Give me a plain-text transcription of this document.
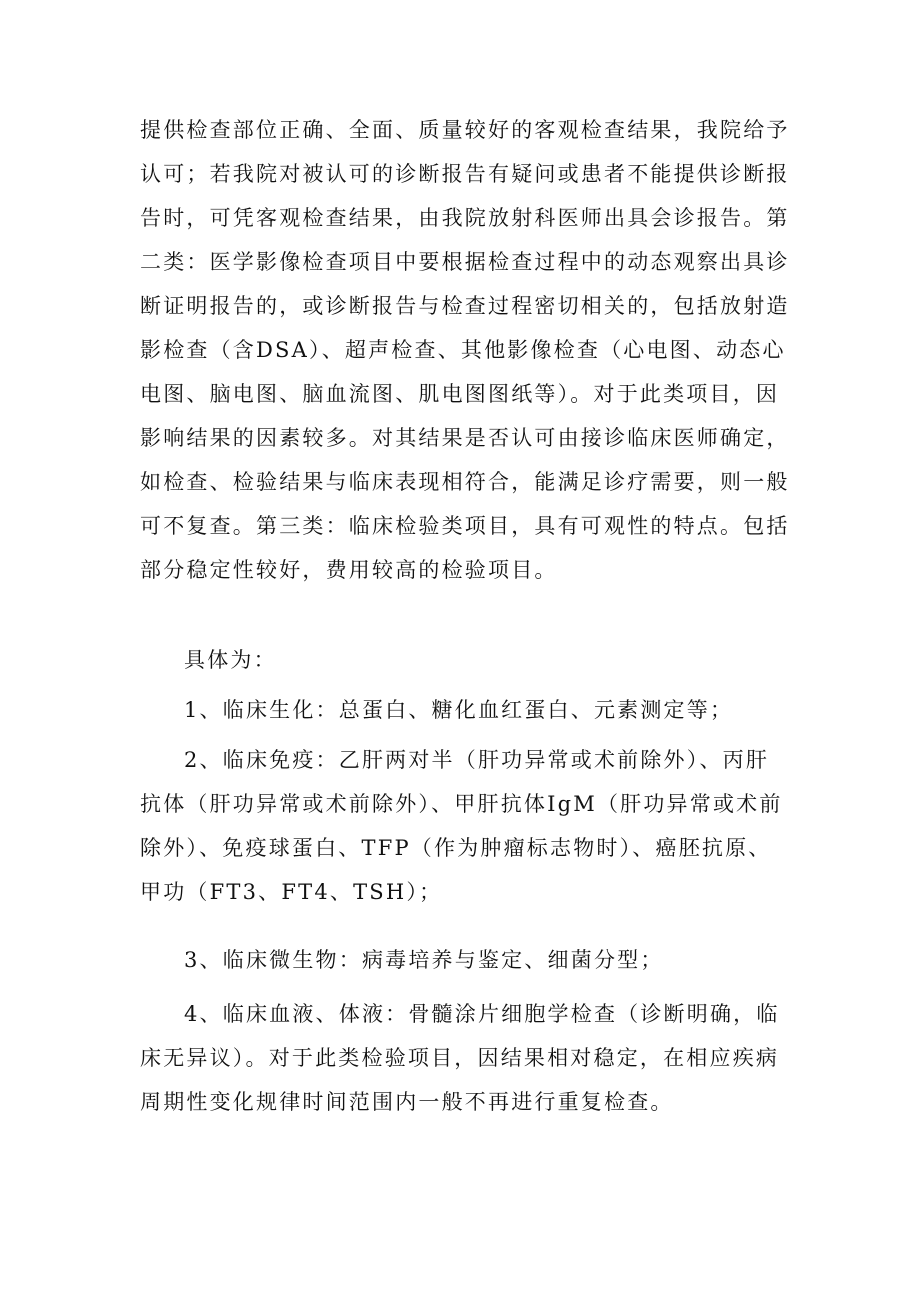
提供检查部位正确、全面、质量较好的客观检查结果，我院给予
认可；若我院对被认可的诊断报告有疑问或患者不能提供诊断报
告时，可凭客观检查结果，由我院放射科医师出具会诊报告。第
二类：医学影像检查项目中要根据检查过程中的动态观察出具诊
断证明报告的，或诊断报告与检查过程密切相关的，包括放射造
影检查（含DSA）、超声检查、其他影像检查（心电图、动态心
电图、脑电图、脑血流图、肌电图图纸等）。对于此类项目，因
影响结果的因素较多。对其结果是否认可由接诊临床医师确定，
如检查、检验结果与临床表现相符合，能满足诊疗需要，则一般
可不复查。第三类：临床检验类项目，具有可观性的特点。包括
部分稳定性较好，费用较高的检验项目。
具体为：
1、临床生化：总蛋白、糖化血红蛋白、元素测定等；
2、临床免疫：乙肝两对半（肝功异常或术前除外）、丙肝
抗体（肝功异常或术前除外）、甲肝抗体IgM（肝功异常或术前
除外）、免疫球蛋白、TFP（作为肿瘤标志物时）、癌胚抗原、
甲功（FT3、FT4、TSH）；
3、临床微生物：病毒培养与鉴定、细菌分型；
4、临床血液、体液：骨髓涂片细胞学检查（诊断明确，临
床无异议）。对于此类检验项目，因结果相对稳定，在相应疾病
周期性变化规律时间范围内一般不再进行重复检查。
